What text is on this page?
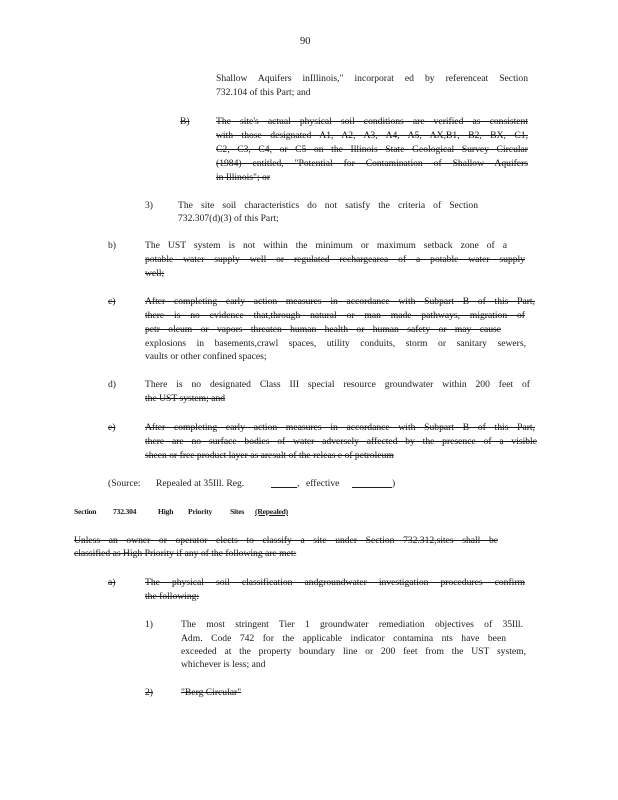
90
Shallow Aquifers inIllinois," incorporat ed by referenceat Section
732.104 of this Part; and
B)	The site's actual physical soil conditions are verified as consistent
with those designated A1, A2, A3, A4, A5, AX,B1, B2, BX, C1,
C2, C3, C4, or C5 on the Illinois State Geological Survey Circular
(1984) entitled, "Potential for Contamination of Shallow Aquifers
in Illinois"; or
3)	The site soil characteristics do not satisfy the criteria of Section
732.307(d)(3) of this Part;
b)	The UST system is not within the minimum or maximum setback zone of a
potable water supply well or regulated rechargearea of a potable water supply
well;
c)	After completing early action measures in accordance with Subpart B of this Part,
there is no evidence that,through natural or man made pathways, migration of
petr oleum or vapors threaten human health or human safety or may cause
explosions in basements,crawl spaces, utility conduits, storm or sanitary sewers,
vaults or other confined spaces;
d)	There is no designated Class III special resource groundwater within 200 feet of
the UST system; and
e)	After completing early action measures in accordance with Subpart B of this Part,
there are no surface bodies of water adversely affected by the presence of a visible
sheen or free product layer as aresult of the releas e of petroleum
(Source: Repealed at 35Ill. Reg.	, effective	)
Section 732.304	High Priority Sites (Repealed)
Unless an owner or operator elects to classify a site under Section 732.312,sites shall be
classified as High Priority if any of the following are met:
a)	The physical soil classification andgroundwater investigation procedures confirm
the following:
1)	The most stringent Tier 1 groundwater remediation objectives of 35Ill.
Adm. Code 742 for the applicable indicator contamina nts have been
exceeded at the property boundary line or 200 feet from the UST system,
whichever is less; and
2)	"Berg Circular"
